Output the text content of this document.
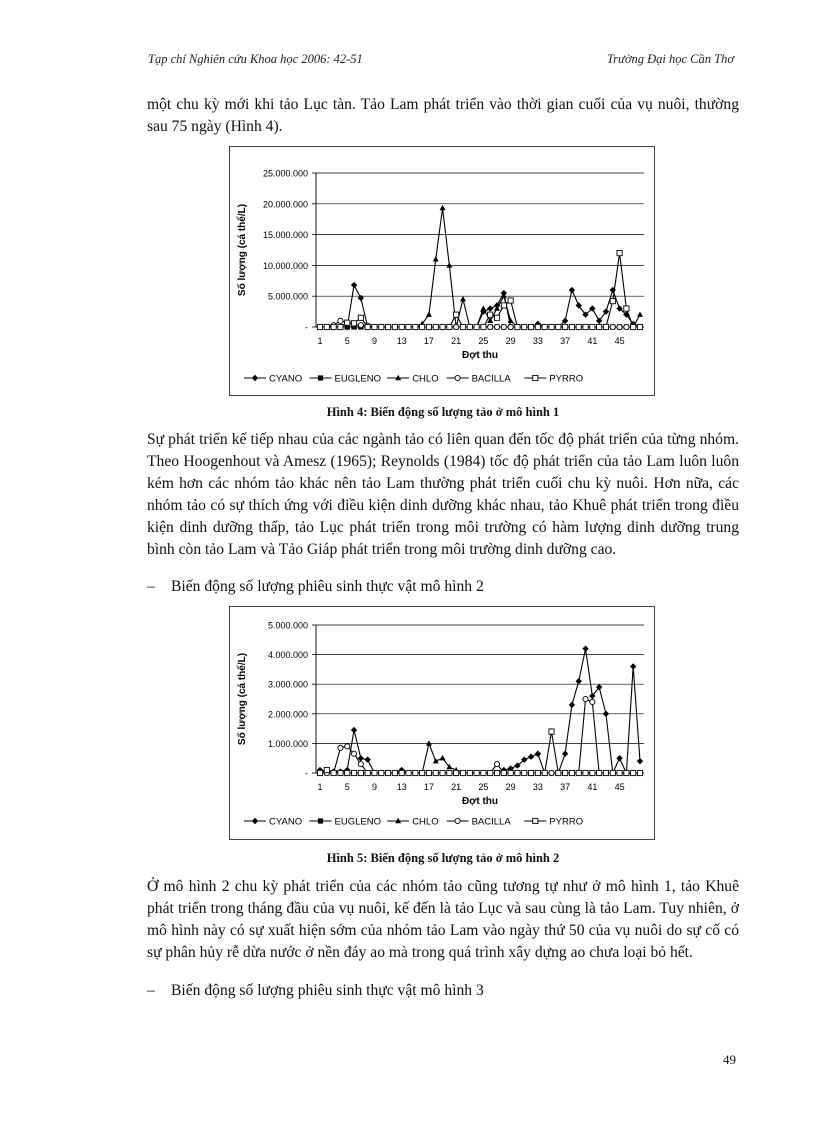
Tạp chí Nghiên cứu Khoa học 2006: 42-51	Trường Đại học Cần Thơ

một chu kỳ mới khi tảo Lục tàn. Tảo Lam phát triển vào thời gian cuối của vụ nuôi, thường sau 75 ngày (Hình 4).

-
5.000.000
10.000.000
15.000.000
20.000.000
25.000.000
1 5 9 13 17 21 25 29 33 37 41 45
Đợt thu
Số lượng (cá thể/L)
CYANO	EUGLENO	CHLO	BACILLA	PYRRO

Hình 4: Biến động số lượng tảo ở mô hình 1

Sự phát triển kế tiếp nhau của các ngành tảo có liên quan đến tốc độ phát triển của từng nhóm. Theo Hoogenhout và Amesz (1965); Reynolds (1984) tốc độ phát triển của tảo Lam luôn luôn kém hơn các nhóm tảo khác nên tảo Lam thường phát triển cuối chu kỳ nuôi. Hơn nữa, các nhóm tảo có sự thích ứng với điều kiện dinh dưỡng khác nhau, tảo Khuê phát triển trong điều kiện dinh dưỡng thấp, tảo Lục phát triển trong môi trường có hàm lượng dinh dưỡng trung bình còn tảo Lam và Tảo Giáp phát triển trong môi trường dinh dưỡng cao.

– Biến động số lượng phiêu sinh thực vật mô hình 2

-
1.000.000
2.000.000
3.000.000
4.000.000
5.000.000
1 5 9 13 17 21 25 29 33 37 41 45
Đợt thu
Số lượng (cá thể/L)
CYANO	EUGLENO	CHLO	BACILLA	PYRRO

Hình 5: Biến động số lượng tảo ở mô hình 2

Ở mô hình 2 chu kỳ phát triển của các nhóm tảo cũng tương tự như ở mô hình 1, tảo Khuê phát triển trong tháng đầu của vụ nuôi, kế đến là tảo Lục và sau cùng là tảo Lam. Tuy nhiên, ở mô hình này có sự xuất hiện sớm của nhóm tảo Lam vào ngày thứ 50 của vụ nuôi do sự cố có sự phân hủy rễ dừa nước ở nền đáy ao mà trong quá trình xây dựng ao chưa loại bỏ hết.

– Biến động số lượng phiêu sinh thực vật mô hình 3

49
